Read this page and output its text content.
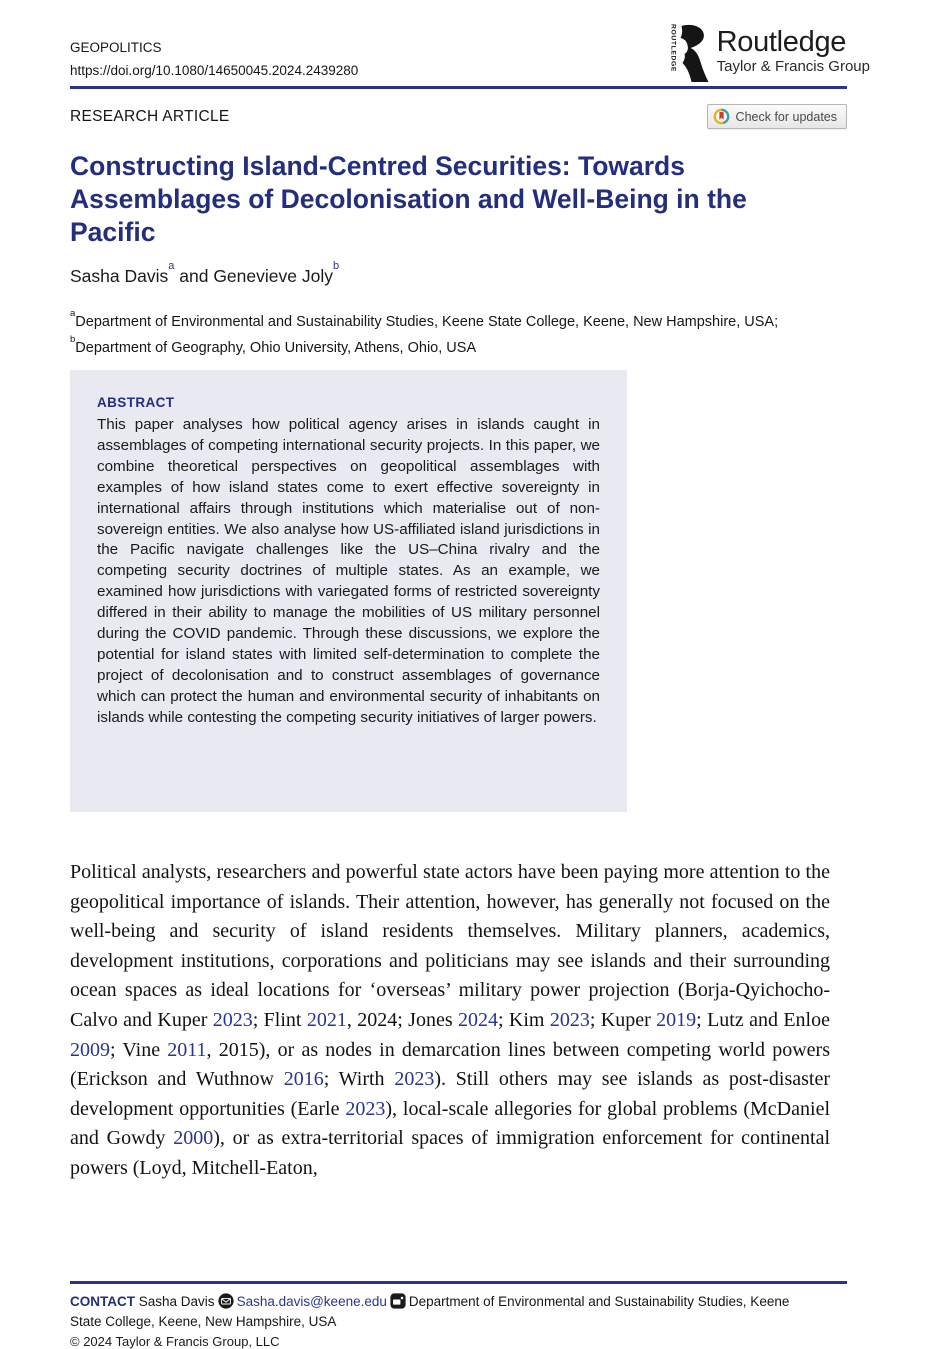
GEOPOLITICS
https://doi.org/10.1080/14650045.2024.2439280	ROUTLEDGE Routledge
Taylor & Francis Group
RESEARCH ARTICLE	Check for updates
Constructing Island-Centred Securities: Towards
Assemblages of Decolonisation and Well-Being in the
Pacific
Sasha Davis$^a$ and Genevieve Joly$^b$
$^a$Department of Environmental and Sustainability Studies, Keene State College, Keene, New Hampshire, USA; $^b$Department of Geography, Ohio University, Athens, Ohio, USA
ABSTRACT
This paper analyses how political agency arises in islands caught in assemblages of competing international security projects. In this paper, we combine theoretical perspectives on geopolitical assemblages with examples of how island states come to exert effective sovereignty in international affairs through institutions which materialise out of non-sovereign entities. We also analyse how US-affiliated island jurisdictions in the Pacific navigate challenges like the US–China rivalry and the competing security doctrines of multiple states. As an example, we examined how jurisdictions with variegated forms of restricted sovereignty differed in their ability to manage the mobilities of US military personnel during the COVID pandemic. Through these discussions, we explore the potential for island states with limited self-determination to complete the project of decolonisation and to construct assemblages of governance which can protect the human and environmental security of inhabitants on islands while contesting the competing security initiatives of larger powers.
Political analysts, researchers and powerful state actors have been paying more attention to the geopolitical importance of islands. Their attention, however, has generally not focused on the well-being and security of island residents themselves. Military planners, academics, development institutions, corporations and politicians may see islands and their surrounding ocean spaces as ideal locations for ‘overseas’ military power projection (Borja-Qyichocho-Calvo and Kuper 2023; Flint 2021, 2024; Jones 2024; Kim 2023; Kuper 2019; Lutz and Enloe 2009; Vine 2011, 2015), or as nodes in demarcation lines between competing world powers (Erickson and Wuthnow 2016; Wirth 2023). Still others may see islands as post-disaster development opportunities (Earle 2023), local-scale allegories for global problems (McDaniel and Gowdy 2000), or as extra-territorial spaces of immigration enforcement for continental powers (Loyd, Mitchell-Eaton,
CONTACT Sasha Davis Sasha.davis@keene.edu Department of Environmental and Sustainability Studies, Keene State College, Keene, New Hampshire, USA
© 2024 Taylor & Francis Group, LLC
